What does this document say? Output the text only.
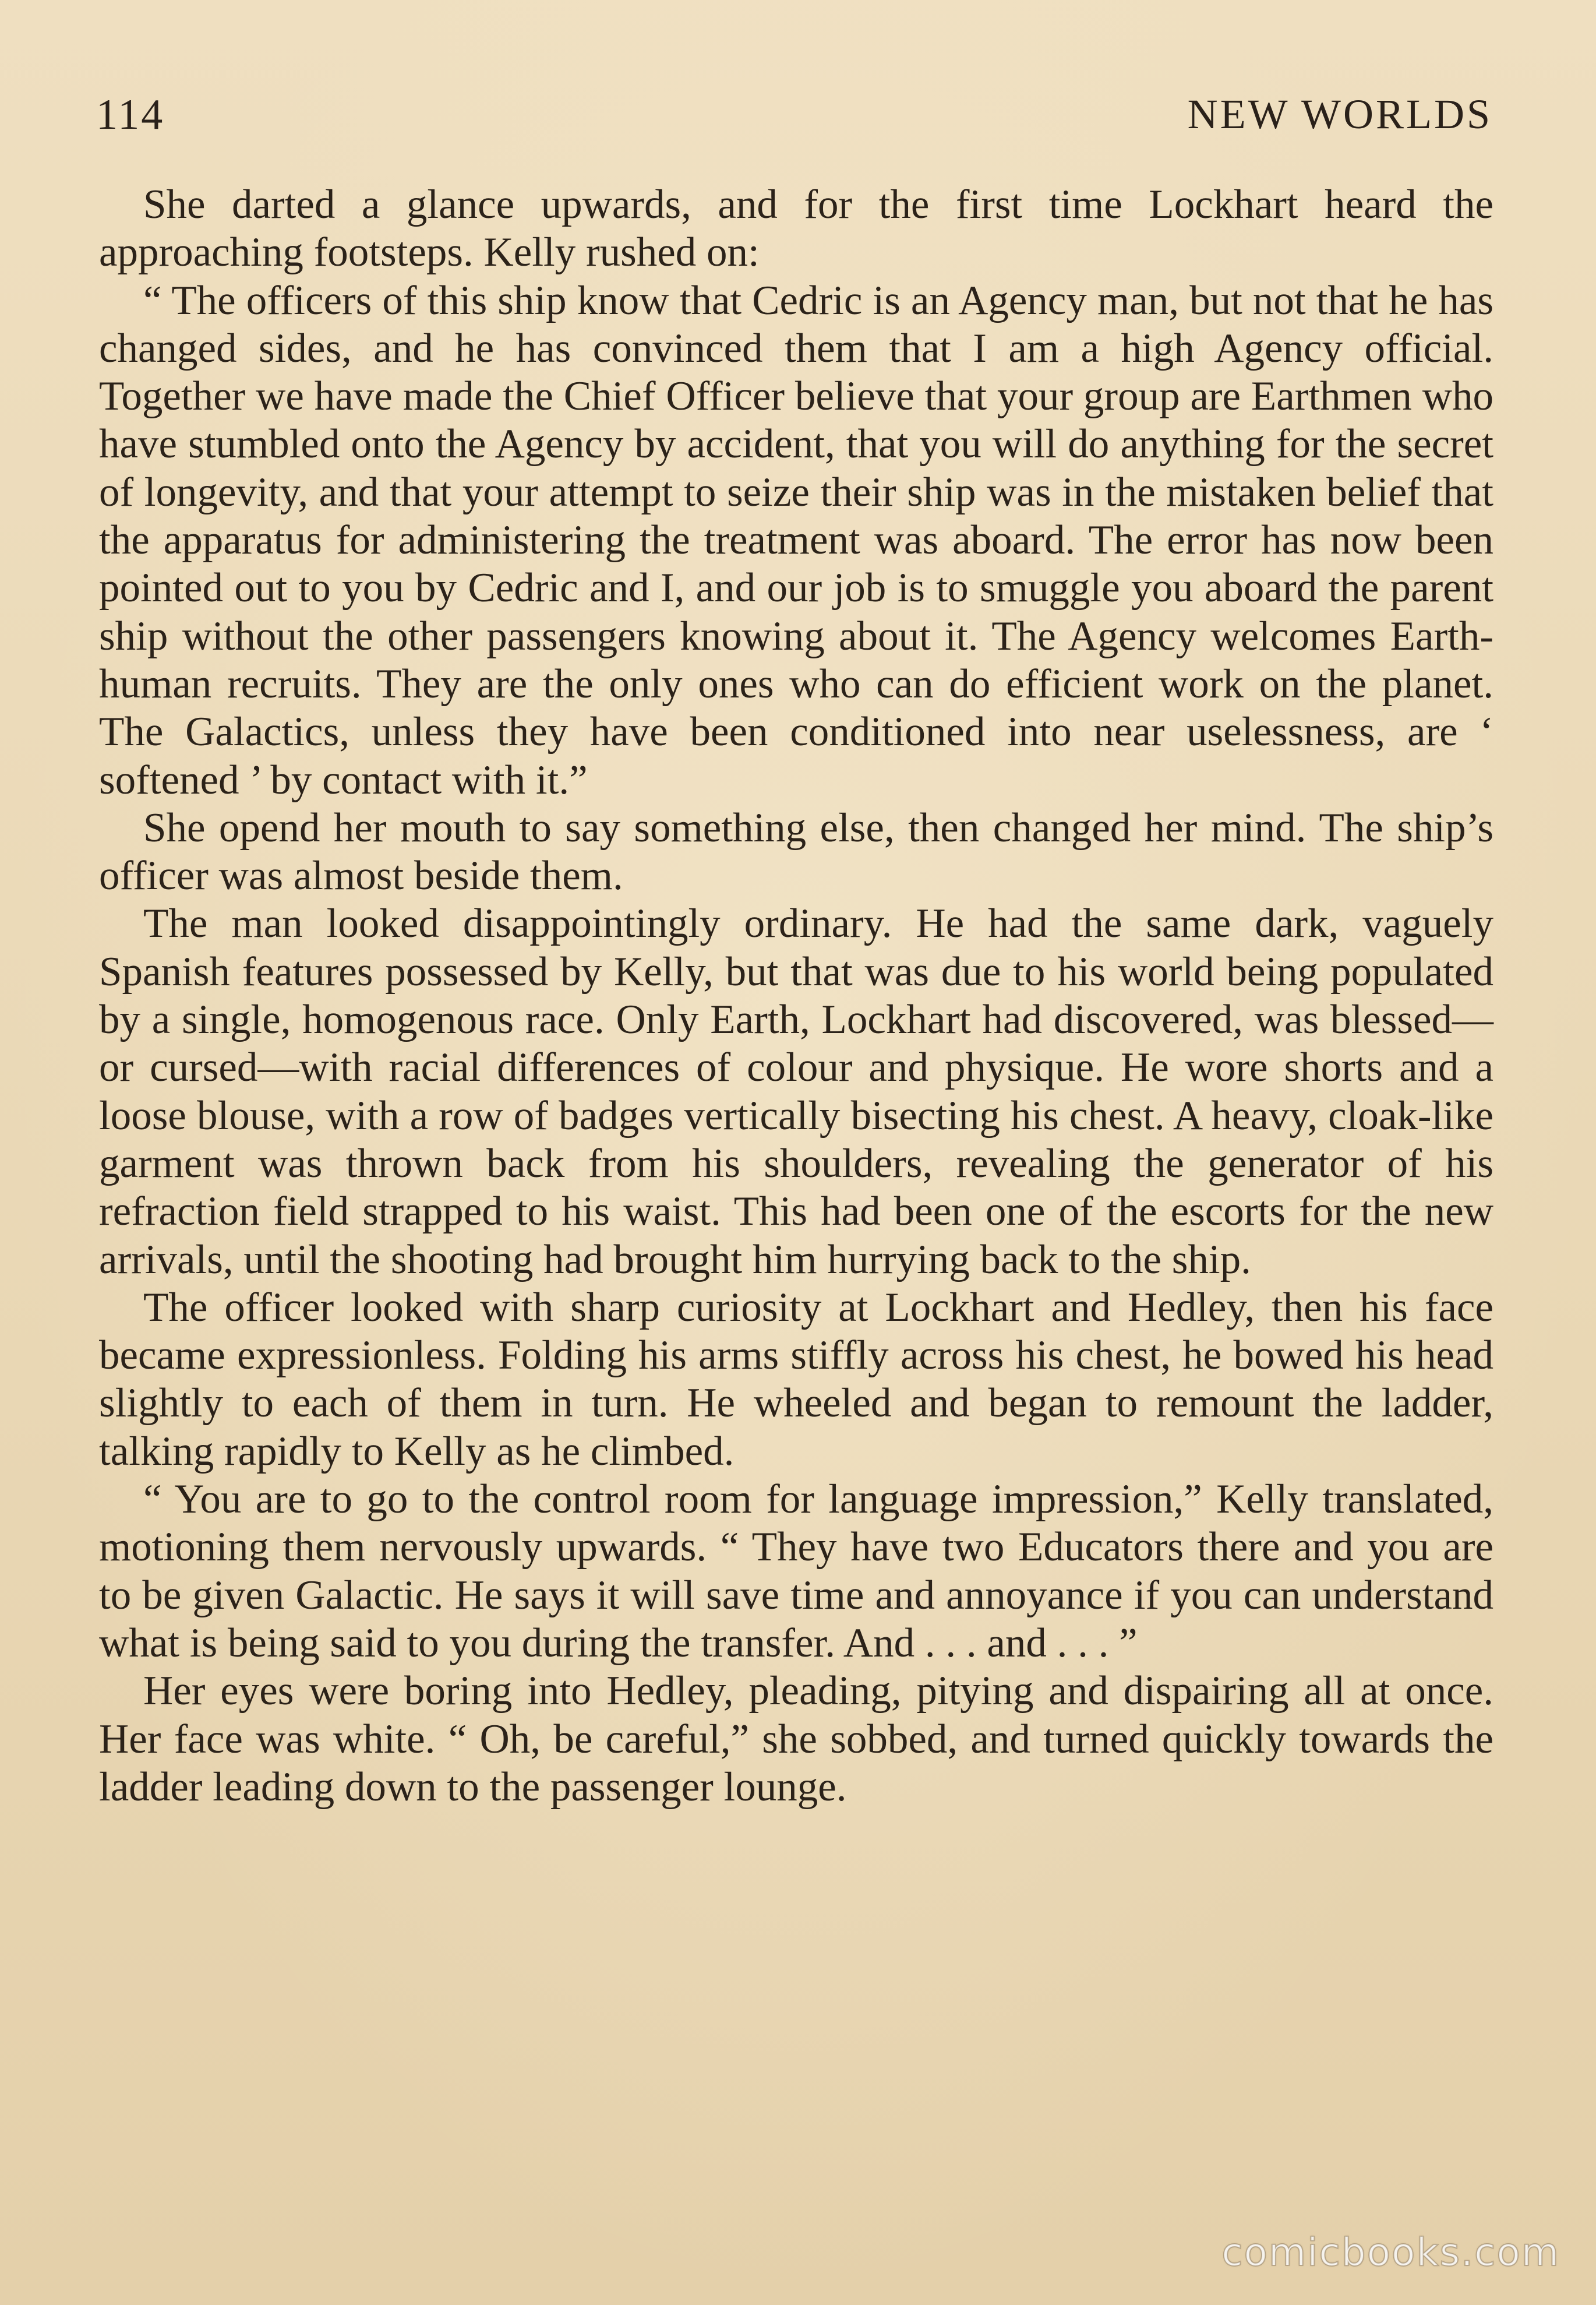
114	NEW WORLDS

She darted a glance upwards, and for the first time Lockhart heard the approaching footsteps. Kelly rushed on:

“ The officers of this ship know that Cedric is an Agency man, but not that he has changed sides, and he has convinced them that I am a high Agency official. Together we have made the Chief Officer believe that your group are Earthmen who have stumbled onto the Agency by accident, that you will do anything for the secret of longevity, and that your attempt to seize their ship was in the mistaken belief that the apparatus for administering the treatment was aboard. The error has now been pointed out to you by Cedric and I, and our job is to smuggle you aboard the parent ship without the other passengers knowing about it. The Agency welcomes Earth-human recruits. They are the only ones who can do efficient work on the planet. The Galactics, unless they have been conditioned into near uselessness, are ‘ softened ’ by contact with it.”

She opend her mouth to say something else, then changed her mind. The ship’s officer was almost beside them.

The man looked disappointingly ordinary. He had the same dark, vaguely Spanish features possessed by Kelly, but that was due to his world being populated by a single, homogenous race. Only Earth, Lockhart had discovered, was blessed—or cursed—with racial differences of colour and physique. He wore shorts and a loose blouse, with a row of badges vertically bisecting his chest. A heavy, cloak-like garment was thrown back from his shoulders, revealing the generator of his refraction field strapped to his waist. This had been one of the escorts for the new arrivals, until the shooting had brought him hurrying back to the ship.

The officer looked with sharp curiosity at Lockhart and Hedley, then his face became expressionless. Folding his arms stiffly across his chest, he bowed his head slightly to each of them in turn. He wheeled and began to remount the ladder, talking rapidly to Kelly as he climbed.

“ You are to go to the control room for language impression,” Kelly translated, motioning them nervously upwards. “ They have two Educators there and you are to be given Galactic. He says it will save time and annoyance if you can understand what is being said to you during the transfer. And . . . and . . . ”

Her eyes were boring into Hedley, pleading, pitying and dispairing all at once. Her face was white. “ Oh, be careful,” she sobbed, and turned quickly towards the ladder leading down to the passenger lounge.

comicbooks.com
